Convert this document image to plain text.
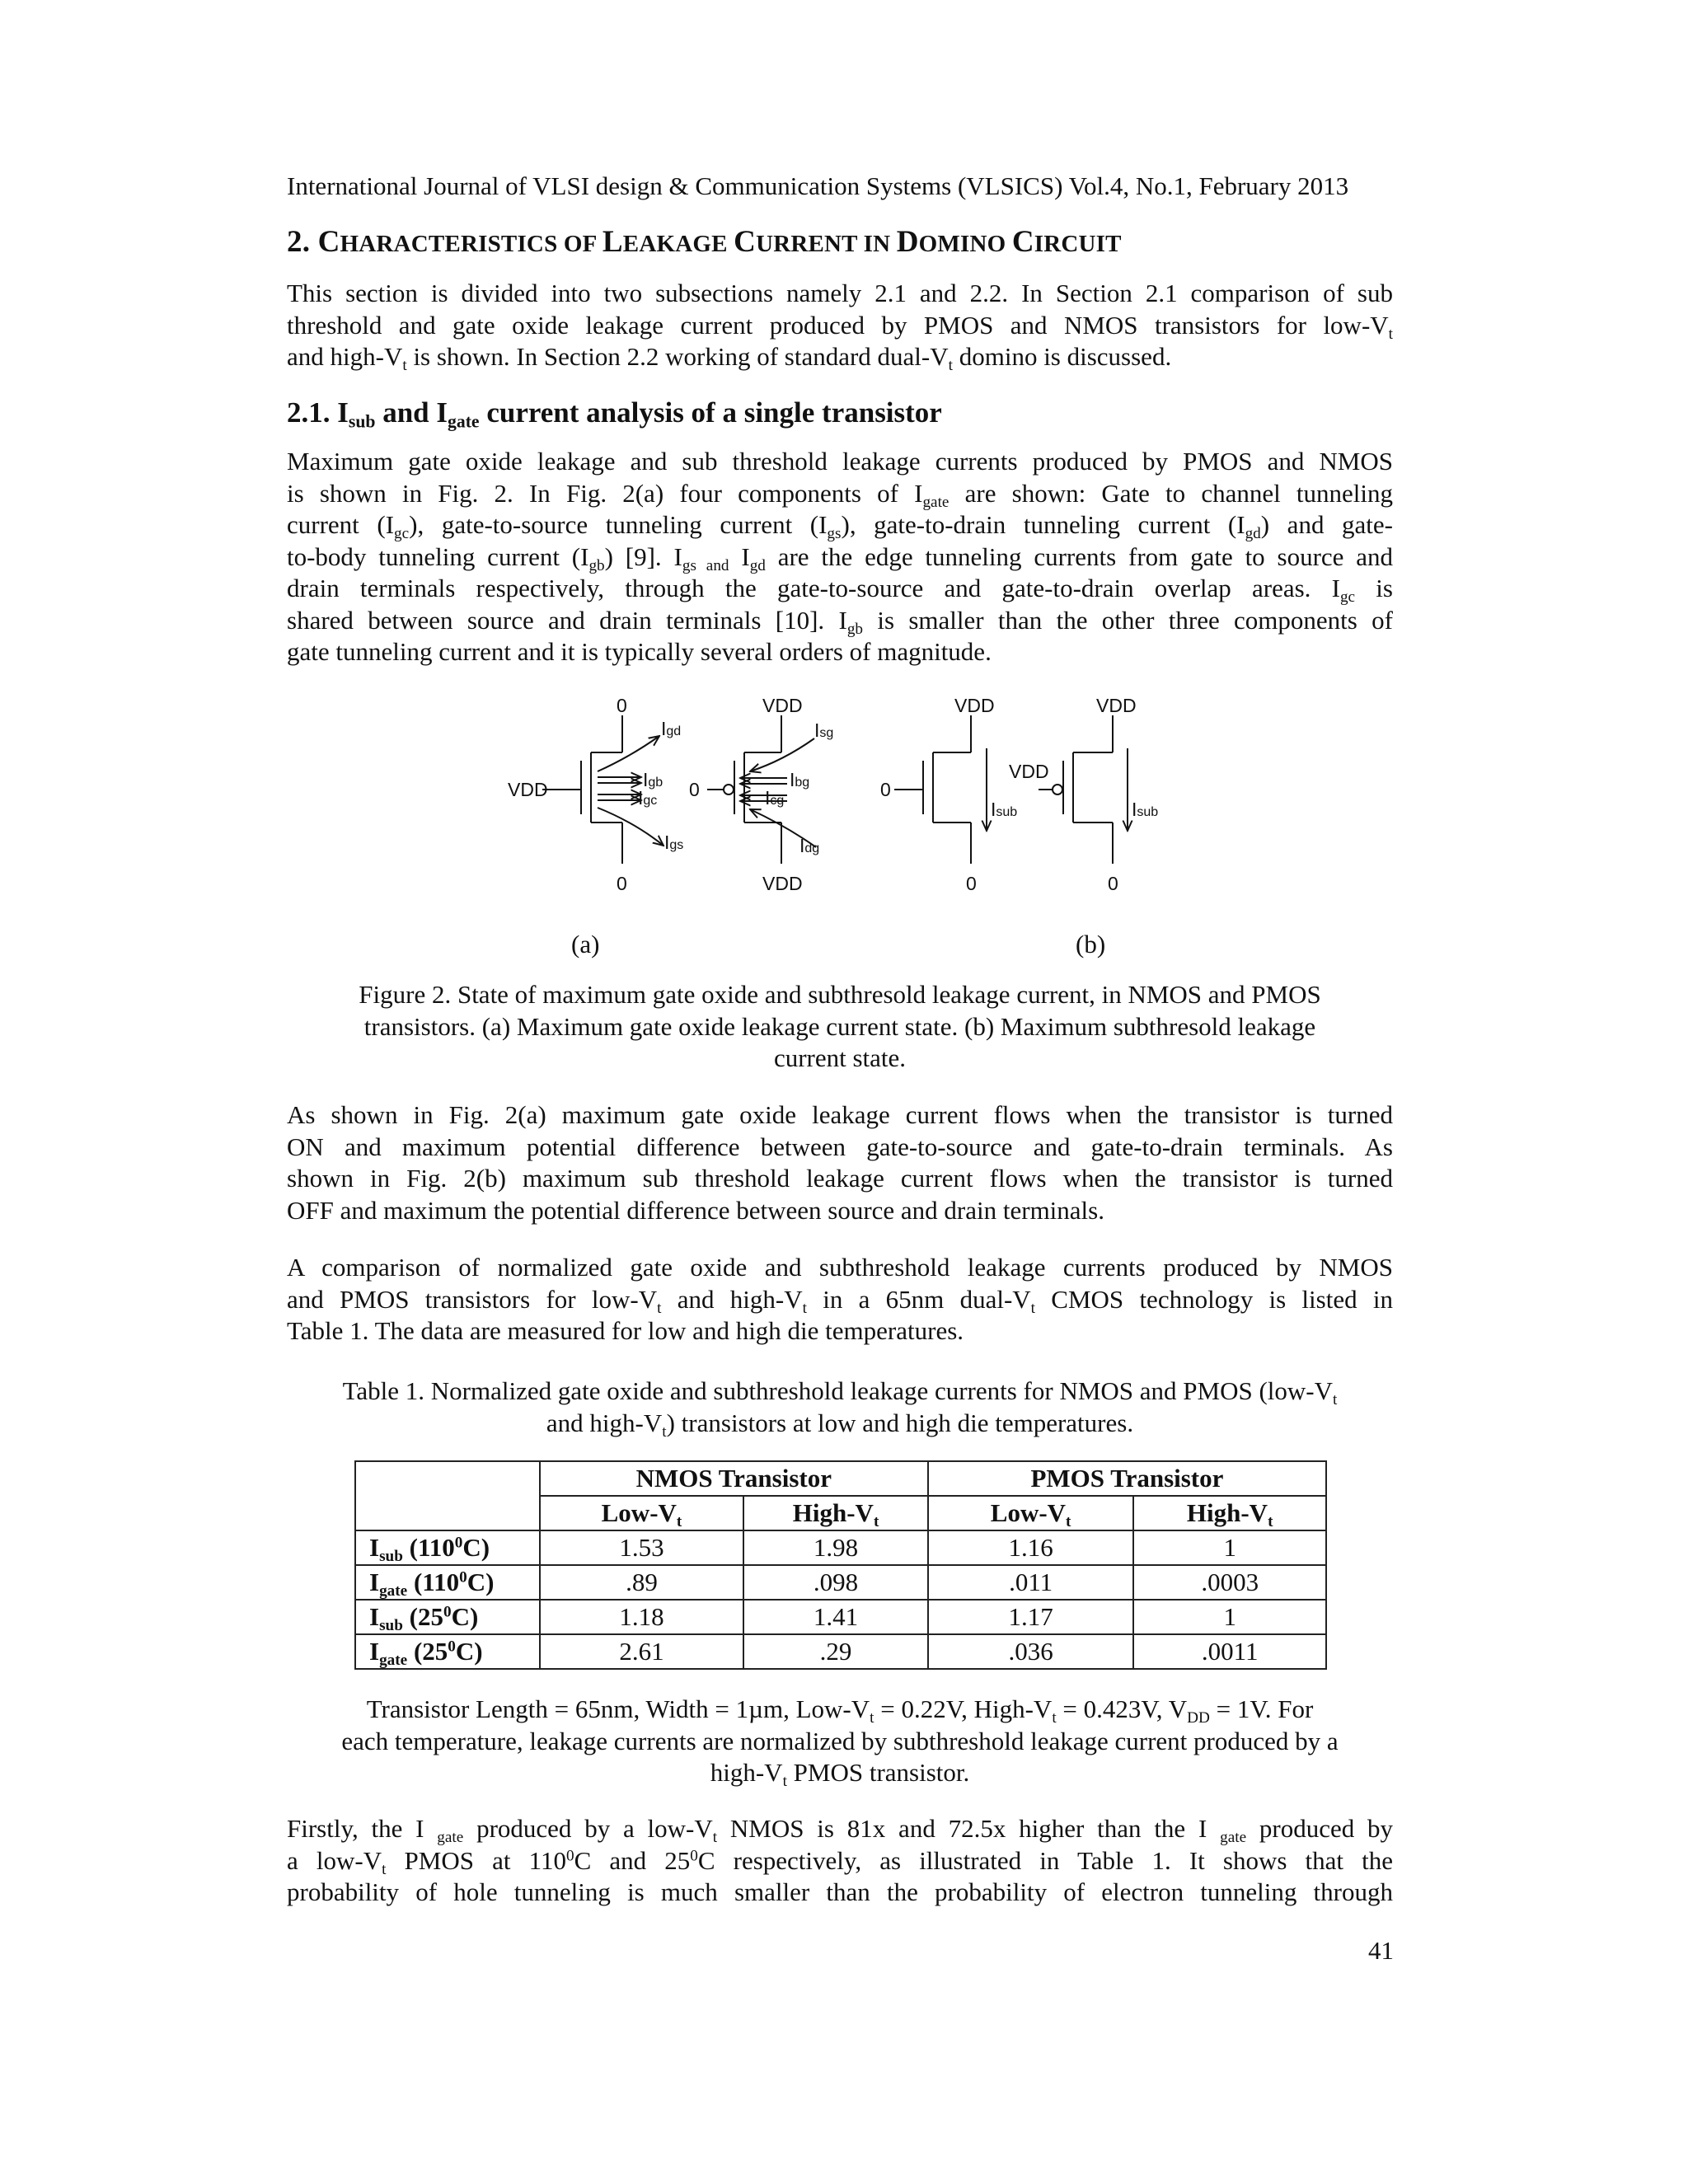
International Journal of VLSI design & Communication Systems (VLSICS) Vol.4, No.1, February 2013
2. CHARACTERISTICS OF LEAKAGE CURRENT IN DOMINO CIRCUIT
This section is divided into two subsections namely 2.1 and 2.2. In Section 2.1 comparison of sub
threshold and gate oxide leakage current produced by PMOS and NMOS transistors for low-$V_t$
and high-$V_t$ is shown. In Section 2.2 working of standard dual-$V_t$ domino is discussed.
2.1. $I_{sub}$ and $I_{gate}$ current analysis of a single transistor
Maximum gate oxide leakage and sub threshold leakage currents produced by PMOS and NMOS
is shown in Fig. 2. In Fig. 2(a) four components of $I_{gate}$ are shown: Gate to channel tunneling
current $(I_{gc})$, gate-to-source tunneling current $(I_{gs})$, gate-to-drain tunneling current $(I_{gd})$ and gate-
to-body tunneling current $(I_{gb})$ [9]. $I_{gs and}$ $I_{gd}$ are the edge tunneling currents from gate to source and
drain terminals respectively, through the gate-to-source and gate-to-drain overlap areas. $I_{gc}$ is
shared between source and drain terminals [10]. $I_{gb}$ is smaller than the other three components of
gate tunneling current and it is typically several orders of magnitude.
0
0
VDD
Igd
Igb
Igc
Igs
0
VDD
VDD
Isg
Ibg
Icg
Idg
0
VDD
0
Isub
VDD
VDD
0
Isub
(a)	(b)
Figure 2. State of maximum gate oxide and subthresold leakage current, in NMOS and PMOS
transistors. (a) Maximum gate oxide leakage current state. (b) Maximum subthresold leakage
current state.
As shown in Fig. 2(a) maximum gate oxide leakage current flows when the transistor is turned
ON and maximum potential difference between gate-to-source and gate-to-drain terminals. As
shown in Fig. 2(b) maximum sub threshold leakage current flows when the transistor is turned
OFF and maximum the potential difference between source and drain terminals.
A comparison of normalized gate oxide and subthreshold leakage currents produced by NMOS
and PMOS transistors for low-$V_t$ and high-$V_t$ in a 65nm dual-$V_t$ CMOS technology is listed in
Table 1. The data are measured for low and high die temperatures.
Table 1. Normalized gate oxide and subthreshold leakage currents for NMOS and PMOS ($low-V_t$
and high-$V_t$) transistors at low and high die temperatures.
	NMOS Transistor		PMOS Transistor	
	Low-$V_t$	High-$V_t$	Low-$V_t$	High-$V_t$
$I_{sub}$ $(110^0C)$	1.53	1.98	1.16	1
$I_{gate}$ $(110^0C)$	.89	.098	.011	.0003
$I_{sub}$ $(25^0C)$	1.18	1.41	1.17	1
$I_{gate}$ $(25^0C)$	2.61	.29	.036	.0011
Transistor Length = 65nm, Width = 1µm, Low-$V_t = 0.22V$, High-$V_t = 0.423V$, $V_{DD} = 1V$. For
each temperature, leakage currents are normalized by subthreshold leakage current produced by a
high-$V_t$ PMOS transistor.
Firstly, the I $_{gate}$ produced by a low-$V_t$ NMOS is 81x and 72.5x higher than the I $_{gate}$ produced by
a low-$V_t$ PMOS at $110^0C$ and $25^0C$ respectively, as illustrated in Table 1. It shows that the
probability of hole tunneling is much smaller than the probability of electron tunneling through
41
